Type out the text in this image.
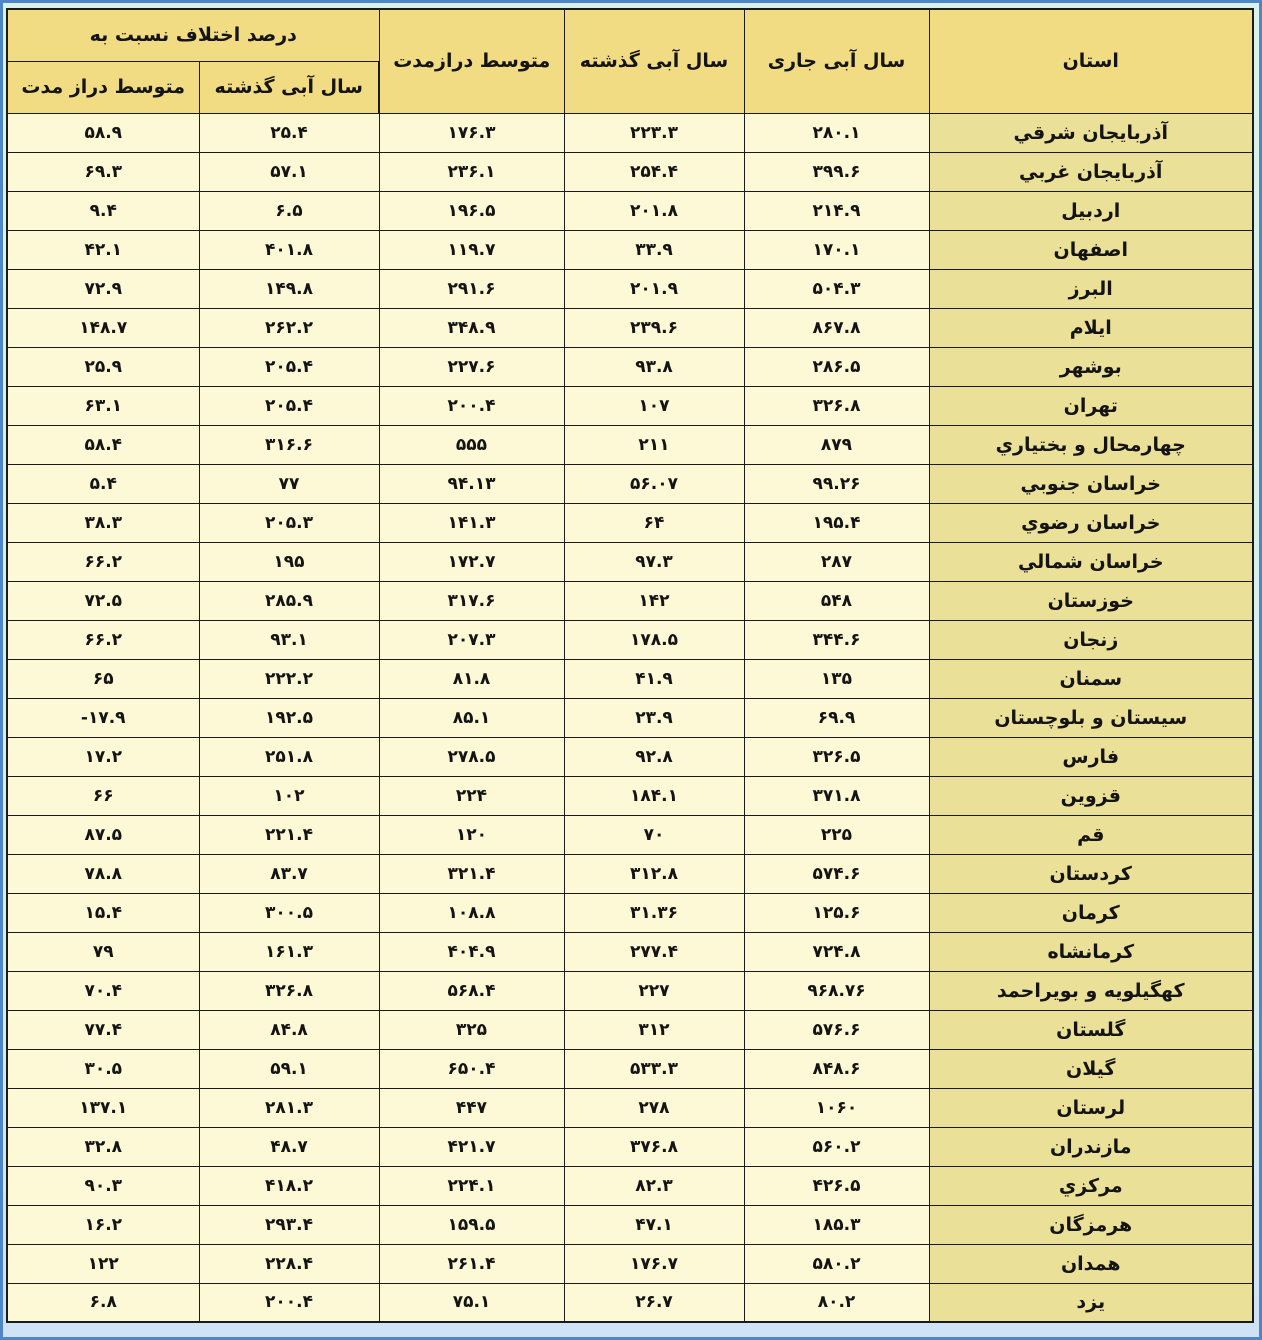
استان	سال آبی جاری	سال آبی گذشته	متوسط درازمدت	درصد اختلاف نسبت به	
				سال آبی گذشته	متوسط دراز مدت
آذربايجان شرقي	۲۸۰.۱	۲۲۳.۳	۱۷۶.۳	۲۵.۴	۵۸.۹
آذربايجان غربي	۳۹۹.۶	۲۵۴.۴	۲۳۶.۱	۵۷.۱	۶۹.۳
اردبيل	۲۱۴.۹	۲۰۱.۸	۱۹۶.۵	۶.۵	۹.۴
اصفهان	۱۷۰.۱	۳۳.۹	۱۱۹.۷	۴۰۱.۸	۴۲.۱
البرز	۵۰۴.۳	۲۰۱.۹	۲۹۱.۶	۱۴۹.۸	۷۲.۹
ايلام	۸۶۷.۸	۲۳۹.۶	۳۴۸.۹	۲۶۲.۲	۱۴۸.۷
بوشهر	۲۸۶.۵	۹۳.۸	۲۲۷.۶	۲۰۵.۴	۲۵.۹
تهران	۳۲۶.۸	۱۰۷	۲۰۰.۴	۲۰۵.۴	۶۳.۱
چهارمحال و بختياري	۸۷۹	۲۱۱	۵۵۵	۳۱۶.۶	۵۸.۴
خراسان جنوبي	۹۹.۲۶	۵۶.۰۷	۹۴.۱۳	۷۷	۵.۴
خراسان رضوي	۱۹۵.۴	۶۴	۱۴۱.۳	۲۰۵.۳	۳۸.۳
خراسان شمالي	۲۸۷	۹۷.۳	۱۷۲.۷	۱۹۵	۶۶.۲
خوزستان	۵۴۸	۱۴۲	۳۱۷.۶	۲۸۵.۹	۷۲.۵
زنجان	۳۴۴.۶	۱۷۸.۵	۲۰۷.۳	۹۳.۱	۶۶.۲
سمنان	۱۳۵	۴۱.۹	۸۱.۸	۲۲۲.۲	۶۵
سيستان و بلوچستان	۶۹.۹	۲۳.۹	۸۵.۱	۱۹۲.۵	-۱۷.۹
فارس	۳۲۶.۵	۹۲.۸	۲۷۸.۵	۲۵۱.۸	۱۷.۲
قزوين	۳۷۱.۸	۱۸۴.۱	۲۲۴	۱۰۲	۶۶
قم	۲۲۵	۷۰	۱۲۰	۲۲۱.۴	۸۷.۵
كردستان	۵۷۴.۶	۳۱۲.۸	۳۲۱.۴	۸۳.۷	۷۸.۸
كرمان	۱۲۵.۶	۳۱.۳۶	۱۰۸.۸	۳۰۰.۵	۱۵.۴
كرمانشاه	۷۲۴.۸	۲۷۷.۴	۴۰۴.۹	۱۶۱.۳	۷۹
كهگيلويه و بويراحمد	۹۶۸.۷۶	۲۲۷	۵۶۸.۴	۳۲۶.۸	۷۰.۴
گلستان	۵۷۶.۶	۳۱۲	۳۲۵	۸۴.۸	۷۷.۴
گيلان	۸۴۸.۶	۵۳۳.۳	۶۵۰.۴	۵۹.۱	۳۰.۵
لرستان	۱۰۶۰	۲۷۸	۴۴۷	۲۸۱.۳	۱۳۷.۱
مازندران	۵۶۰.۲	۳۷۶.۸	۴۲۱.۷	۴۸.۷	۳۲.۸
مركزي	۴۲۶.۵	۸۲.۳	۲۲۴.۱	۴۱۸.۲	۹۰.۳
هرمزگان	۱۸۵.۳	۴۷.۱	۱۵۹.۵	۲۹۳.۴	۱۶.۲
همدان	۵۸۰.۲	۱۷۶.۷	۲۶۱.۴	۲۲۸.۴	۱۲۲
يزد	۸۰.۲	۲۶.۷	۷۵.۱	۲۰۰.۴	۶.۸
